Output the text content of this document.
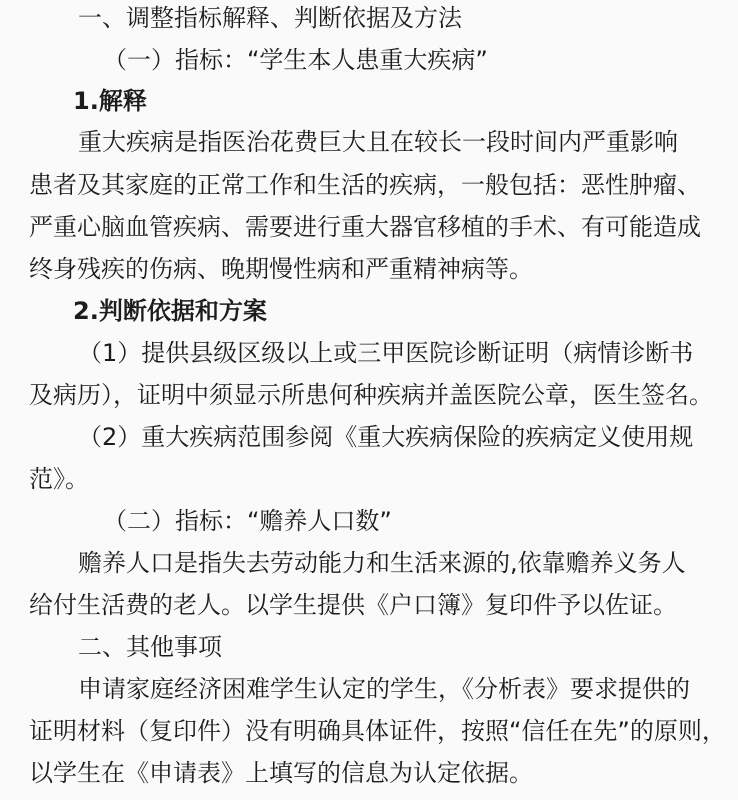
一、调整指标解释、判断依据及方法
（一）指标：“学生本人患重大疾病”
1.解释
重大疾病是指医治花费巨大且在较长一段时间内严重影响
患者及其家庭的正常工作和生活的疾病，一般包括：恶性肿瘤、
严重心脑血管疾病、需要进行重大器官移植的手术、有可能造成
终身残疾的伤病、晚期慢性病和严重精神病等。
2.判断依据和方案
（1）提供县级区级以上或三甲医院诊断证明（病情诊断书
及病历），证明中须显示所患何种疾病并盖医院公章，医生签名。
（2）重大疾病范围参阅《重大疾病保险的疾病定义使用规
范》。
（二）指标：“赡养人口数”
赡养人口是指失去劳动能力和生活来源的,依靠赡养义务人
给付生活费的老人。以学生提供《户口簿》复印件予以佐证。
二、其他事项
申请家庭经济困难学生认定的学生，《分析表》要求提供的
证明材料（复印件）没有明确具体证件，按照“信任在先”的原则，
以学生在《申请表》上填写的信息为认定依据。
